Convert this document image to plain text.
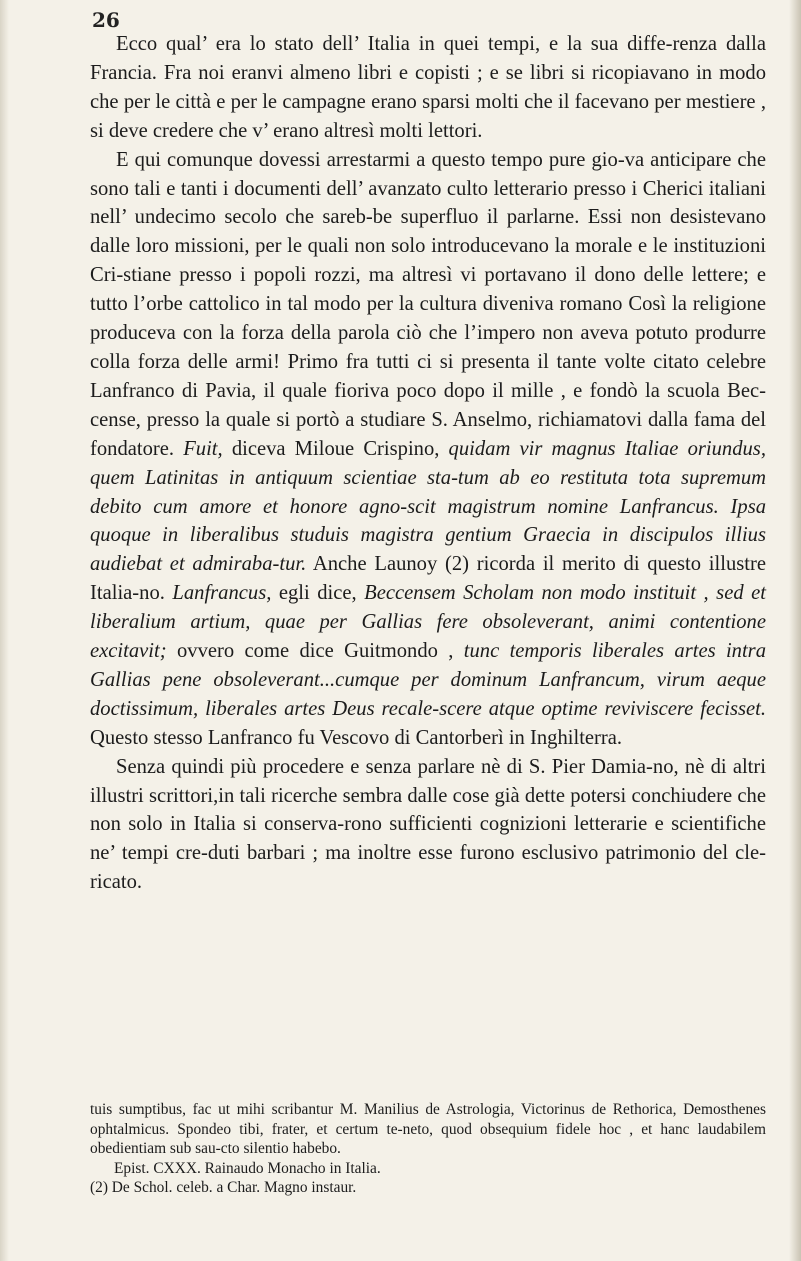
26

Ecco qual’ era lo stato dell’ Italia in quei tempi, e la sua diffe-renza dalla Francia. Fra noi eranvi almeno libri e copisti ; e se libri si ricopiavano in modo che per le città e per le campagne erano sparsi molti che il facevano per mestiere , si deve credere che v’ erano altresì molti lettori.

E qui comunque dovessi arrestarmi a questo tempo pure gio-va anticipare che sono tali e tanti i documenti dell’ avanzato culto letterario presso i Cherici italiani nell’ undecimo secolo che sareb-be superfluo il parlarne. Essi non desistevano dalle loro missioni, per le quali non solo introducevano la morale e le instituzioni Cri-stiane presso i popoli rozzi, ma altresì vi portavano il dono delle lettere; e tutto l’orbe cattolico in tal modo per la cultura diveniva romano Così la religione produceva con la forza della parola ciò che l’impero non aveva potuto produrre colla forza delle armi! Primo fra tutti ci si presenta il tante volte citato celebre Lanfranco di Pavia, il quale fioriva poco dopo il mille , e fondò la scuola Bec-cense, presso la quale si portò a studiare S. Anselmo, richiamatovi dalla fama del fondatore. Fuit, diceva Miloue Crispino, quidam vir magnus Italiae oriundus, quem Latinitas in antiquum scientiae sta-tum ab eo restituta tota supremum debito cum amore et honore agno-scit magistrum nomine Lanfrancus. Ipsa quoque in liberalibus studuis magistra gentium Graecia in discipulos illius audiebat et admiraba-tur. Anche Launoy (2) ricorda il merito di questo illustre Italia-no. Lanfrancus, egli dice, Beccensem Scholam non modo instituit , sed et liberalium artium, quae per Gallias fere obsoleverant, animi contentione excitavit; ovvero come dice Guitmondo , tunc temporis liberales artes intra Gallias pene obsoleverant...cumque per dominum Lanfrancum, virum aeque doctissimum, liberales artes Deus recale-scere atque optime reviviscere fecisset. Questo stesso Lanfranco fu Vescovo di Cantorberì in Inghilterra.

Senza quindi più procedere e senza parlare nè di S. Pier Damia-no, nè di altri illustri scrittori,in tali ricerche sembra dalle cose già dette potersi conchiudere che non solo in Italia si conserva-rono sufficienti cognizioni letterarie e scientifiche ne’ tempi cre-duti barbari ; ma inoltre esse furono esclusivo patrimonio del cle-ricato.

tuis sumptibus, fac ut mihi scribantur M. Manilius de Astrologia, Victorinus de Rethorica, Demosthenes ophtalmicus. Spondeo tibi, frater, et certum te-neto, quod obsequium fidele hoc , et hanc laudabilem obedientiam sub sau-cto silentio habebo.

Epist. CXXX. Rainaudo Monacho in Italia.

(2) De Schol. celeb. a Char. Magno instaur.
